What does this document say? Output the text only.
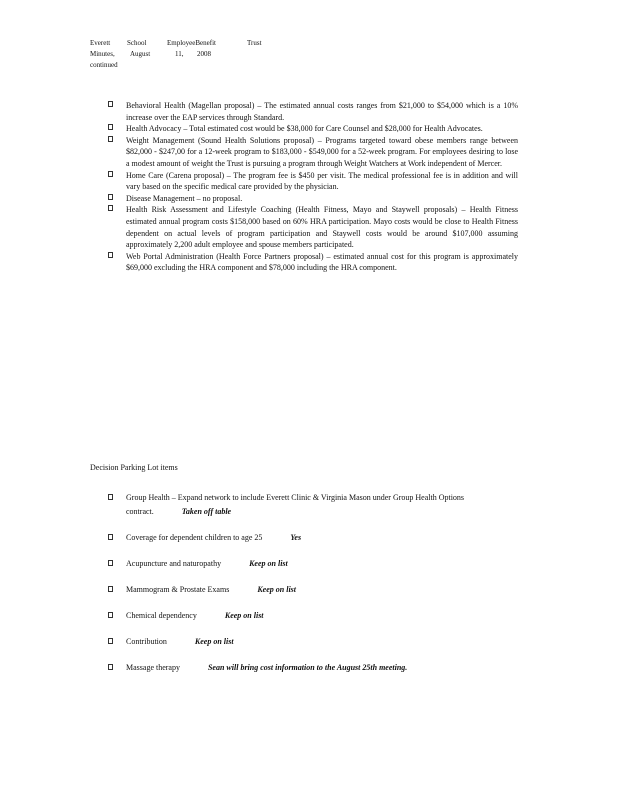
Everett School	EmployeeBenefit	Trust
Minutes, August	11, 2008
continued
Behavioral Health (Magellan proposal) – The estimated annual costs ranges from $21,000 to $54,000 which is a 10% increase over the EAP services through Standard.
Health Advocacy – Total estimated cost would be $38,000 for Care Counsel and $28,000 for Health Advocates.
Weight Management (Sound Health Solutions proposal) – Programs targeted toward obese members range between $82,000 - $247,00 for a 12-week program to $183,000 - $549,000 for a 52-week program. For employees desiring to lose a modest amount of weight the Trust is pursuing a program through Weight Watchers at Work independent of Mercer.
Home Care (Carena proposal) – The program fee is $450 per visit. The medical professional fee is in addition and will vary based on the specific medical care provided by the physician.
Disease Management – no proposal.
Health Risk Assessment and Lifestyle Coaching (Health Fitness, Mayo and Staywell proposals) – Health Fitness estimated annual program costs $158,000 based on 60% HRA participation. Mayo costs would be close to Health Fitness dependent on actual levels of program participation and Staywell costs would be around $107,000 assuming approximately 2,200 adult employee and spouse members participated.
Web Portal Administration (Health Force Partners proposal) – estimated annual cost for this program is approximately $69,000 excluding the HRA component and $78,000 including the HRA component.
Decision Parking Lot items
Group Health – Expand network to include Everett Clinic & Virginia Mason under Group Health Options contract.	Taken off table
Coverage for dependent children to age 25	Yes
Acupuncture and naturopathy	Keep on list
Mammogram & Prostate Exams	Keep on list
Chemical dependency	Keep on list
Contribution	Keep on list
Massage therapy	Sean will bring cost information to the August 25th meeting.
